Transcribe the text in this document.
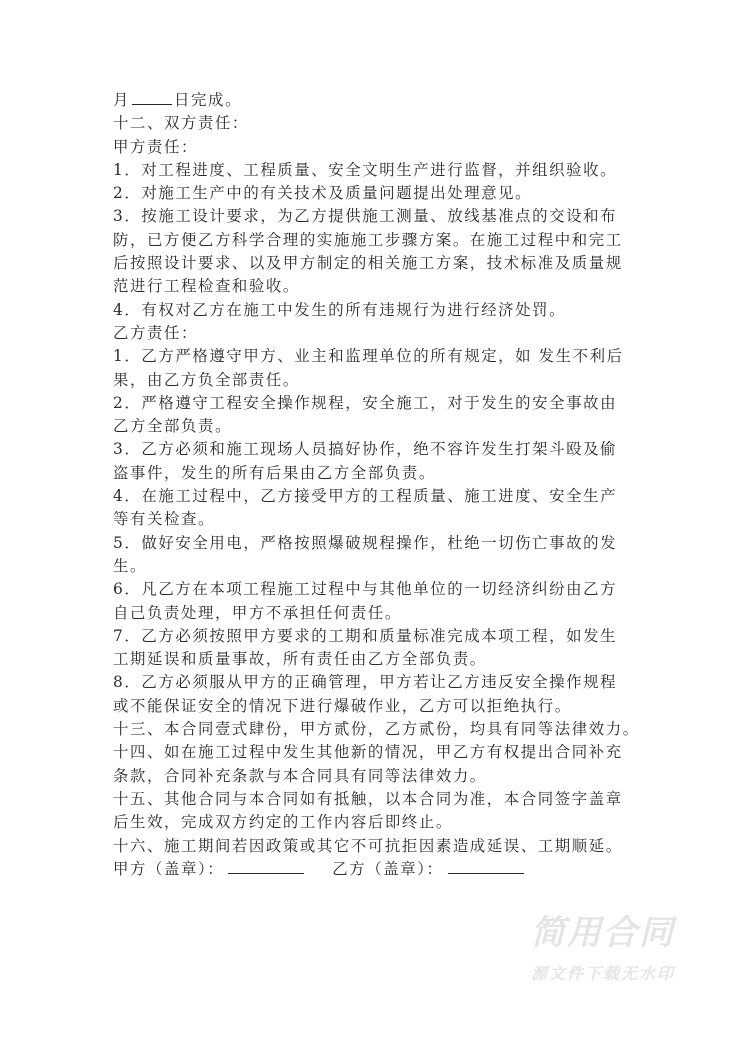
月	日完成。
十二、双方责任：
甲方责任：
1．对工程进度、工程质量、安全文明生产进行监督，并组织验收。
2．对施工生产中的有关技术及质量问题提出处理意见。
3．按施工设计要求，为乙方提供施工测量、放线基准点的交设和布
防，已方便乙方科学合理的实施施工步骤方案。在施工过程中和完工
后按照设计要求、以及甲方制定的相关施工方案，技术标准及质量规
范进行工程检查和验收。
4．有权对乙方在施工中发生的所有违规行为进行经济处罚。
乙方责任：
1．乙方严格遵守甲方、业主和监理单位的所有规定，如 发生不利后
果，由乙方负全部责任。
2．严格遵守工程安全操作规程，安全施工，对于发生的安全事故由
乙方全部负责。
3．乙方必须和施工现场人员搞好协作，绝不容许发生打架斗殴及偷
盗事件，发生的所有后果由乙方全部负责。
4．在施工过程中，乙方接受甲方的工程质量、施工进度、安全生产
等有关检查。
5．做好安全用电，严格按照爆破规程操作，杜绝一切伤亡事故的发
生。
6．凡乙方在本项工程施工过程中与其他单位的一切经济纠纷由乙方
自己负责处理，甲方不承担任何责任。
7．乙方必须按照甲方要求的工期和质量标准完成本项工程，如发生
工期延误和质量事故，所有责任由乙方全部负责。
8．乙方必须服从甲方的正确管理，甲方若让乙方违反安全操作规程
或不能保证安全的情况下进行爆破作业，乙方可以拒绝执行。
十三、本合同壹式肆份，甲方贰份，乙方贰份，均具有同等法律效力。
十四、如在施工过程中发生其他新的情况，甲乙方有权提出合同补充
条款，合同补充条款与本合同具有同等法律效力。
十五、其他合同与本合同如有抵触，以本合同为准，本合同签字盖章
后生效，完成双方约定的工作内容后即终止。
十六、施工期间若因政策或其它不可抗拒因素造成延误、工期顺延。
甲方（盖章）：	乙方（盖章）：
简用合同
源文件下载无水印
